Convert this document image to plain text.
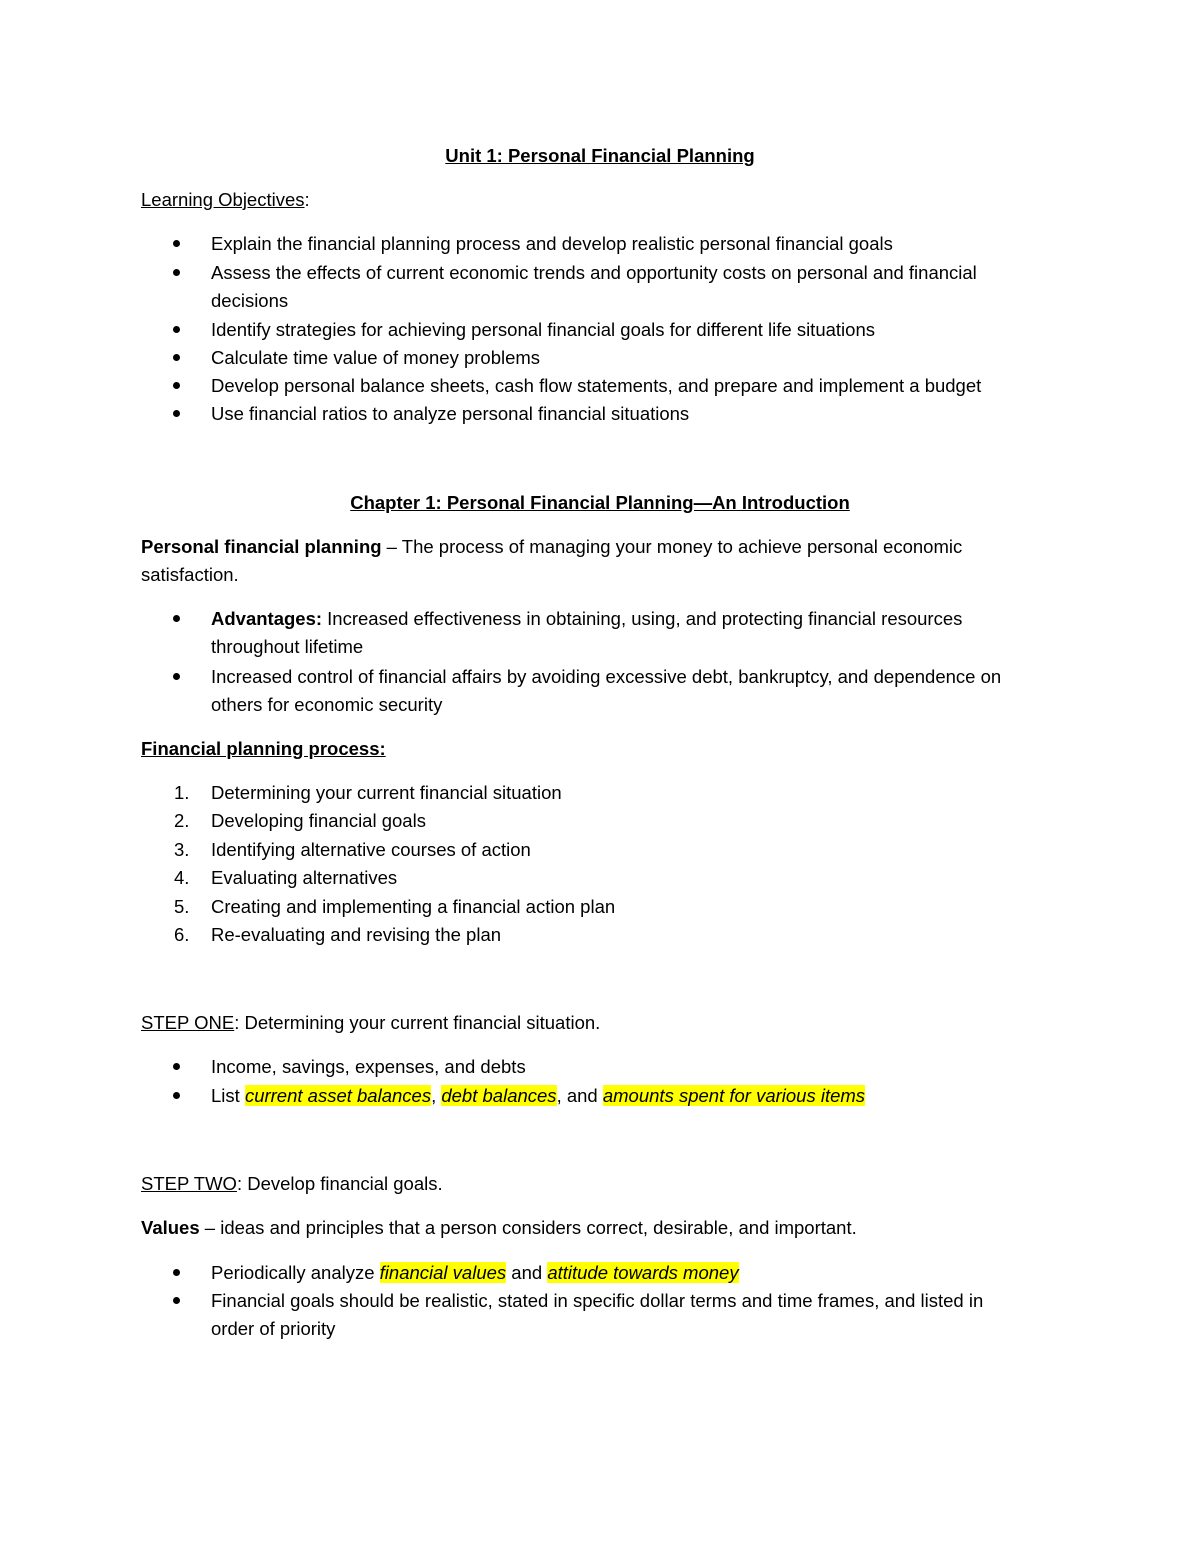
Unit 1: Personal Financial Planning
Learning Objectives:
Explain the financial planning process and develop realistic personal financial goals
Assess the effects of current economic trends and opportunity costs on personal and financial
decisions
Identify strategies for achieving personal financial goals for different life situations
Calculate time value of money problems
Develop personal balance sheets, cash flow statements, and prepare and implement a budget
Use financial ratios to analyze personal financial situations
Chapter 1: Personal Financial Planning—An Introduction
Personal financial planning – The process of managing your money to achieve personal economic
satisfaction.
Advantages: Increased effectiveness in obtaining, using, and protecting financial resources
throughout lifetime
Increased control of financial affairs by avoiding excessive debt, bankruptcy, and dependence on
others for economic security
Financial planning process:
1.	Determining your current financial situation
2.	Developing financial goals
3.	Identifying alternative courses of action
4.	Evaluating alternatives
5.	Creating and implementing a financial action plan
6.	Re-evaluating and revising the plan
STEP ONE: Determining your current financial situation.
Income, savings, expenses, and debts
List current asset balances, debt balances, and amounts spent for various items
STEP TWO: Develop financial goals.
Values – ideas and principles that a person considers correct, desirable, and important.
Periodically analyze financial values and attitude towards money
Financial goals should be realistic, stated in specific dollar terms and time frames, and listed in
order of priority
